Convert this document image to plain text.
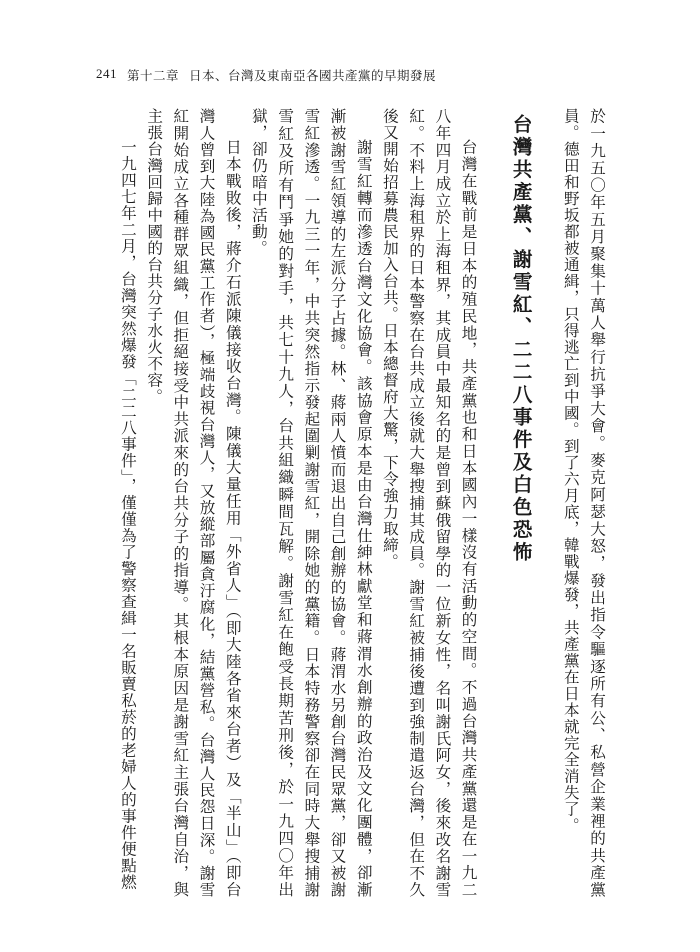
241 第十二章 日本、台灣及東南亞各國共產黨的早期發展

於一九五〇年五月聚集十萬人舉行抗爭大會。麥克阿瑟大怒，發出指令驅逐所有公、私營企業裡的共產黨員。德田和野坂都被通緝，只得逃亡到中國。到了六月底，韓戰爆發，共產黨在日本就完全消失了。

台灣共產黨、謝雪紅、二二八事件及白色恐怖

台灣在戰前是日本的殖民地，共產黨也和日本國內一樣沒有活動的空間。不過台灣共產黨還是在一九二八年四月成立於上海租界，其成員中最知名的是曾到蘇俄留學的一位新女性，名叫謝氏阿女，後來改名謝雪紅。不料上海租界的日本警察在台共成立後就大舉搜捕其成員。謝雪紅被捕後遭到強制遣返台灣，但在不久後又開始招募農民加入台共。日本總督府大驚，下令強力取締。

謝雪紅轉而滲透台灣文化協會。該協會原本是由台灣仕紳林獻堂和蔣渭水創辦的政治及文化團體，卻漸漸被謝雪紅領導的左派分子占據。林、蔣兩人憤而退出自己創辦的協會。蔣渭水另創台灣民眾黨，卻又被謝雪紅滲透。一九三一年，中共突然指示發起圍剿謝雪紅，開除她的黨籍。日本特務警察卻在同時大舉搜捕謝雪紅及所有鬥爭她的對手，共七十九人，台共組織瞬間瓦解。謝雪紅在飽受長期苦刑後，於一九四〇年出獄，卻仍暗中活動。

日本戰敗後，蔣介石派陳儀接收台灣。陳儀大量任用「外省人」（即大陸各省來台者）及「半山」（即台灣人曾到大陸為國民黨工作者），極端歧視台灣人，又放縱部屬貪汙腐化，結黨營私。台灣人民怨日深。謝雪紅開始成立各種群眾組織，但拒絕接受中共派來的台共分子的指導。其根本原因是謝雪紅主張台灣自治，與主張台灣回歸中國的台共分子水火不容。

一九四七年二月，台灣突然爆發「二二八事件」，僅僅為了警察查緝一名販賣私菸的老婦人的事件便點燃
